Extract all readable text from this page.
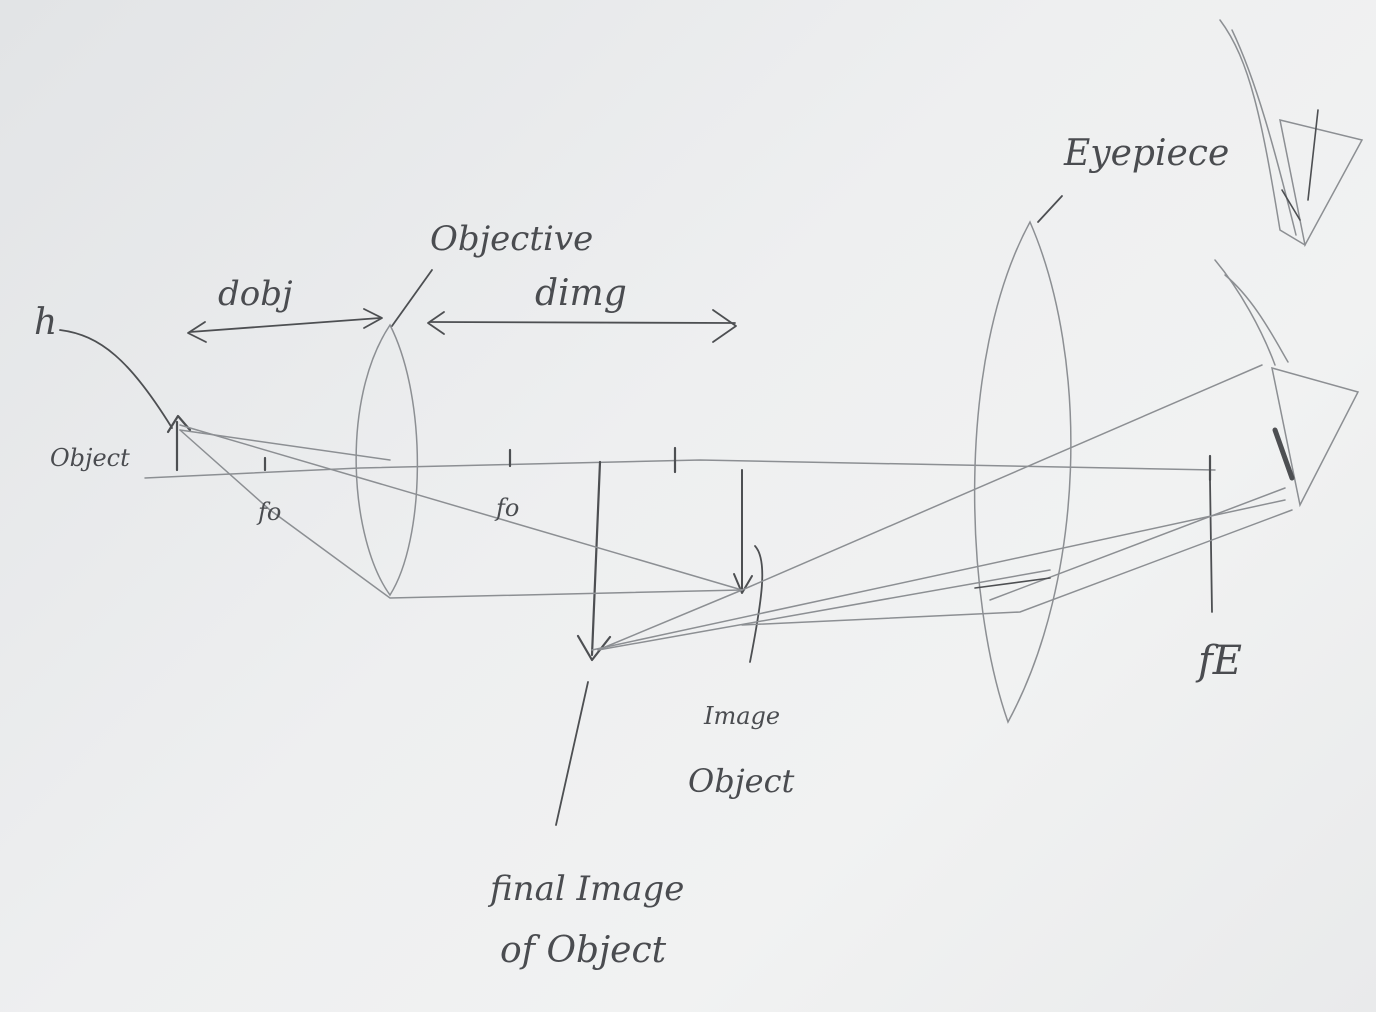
h
Object
dobj
Objective
dimg
Eyepiece
fo	fo
fE
Image
Object
final Image
of Object
